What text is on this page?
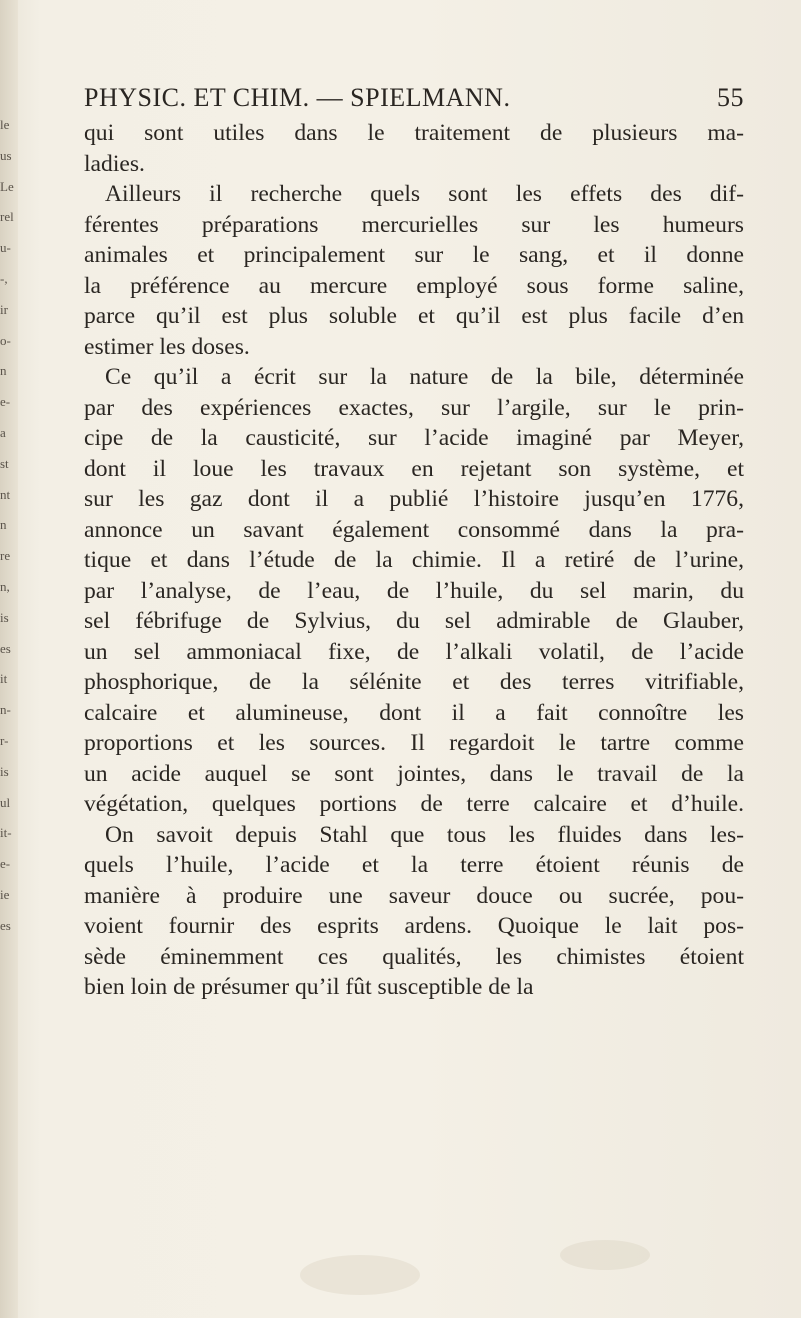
le
us
Le
rel
u-
-,
ir
o-
n
e-
a
st
nt
n
re
n,
is
es
it
n-
r-
is
ul
it-
e-
ie
es
PHYSIC. ET CHIM. — SPIELMANN.	55
qui sont utiles dans le traitement de plusieurs ma-
ladies.
Ailleurs il recherche quels sont les effets des dif-
férentes préparations mercurielles sur les humeurs
animales et principalement sur le sang, et il donne
la préférence au mercure employé sous forme saline,
parce qu’il est plus soluble et qu’il est plus facile d’en
estimer les doses.
Ce qu’il a écrit sur la nature de la bile, déterminée
par des expériences exactes, sur l’argile, sur le prin-
cipe de la causticité, sur l’acide imaginé par Meyer,
dont il loue les travaux en rejetant son système, et
sur les gaz dont il a publié l’histoire jusqu’en 1776,
annonce un savant également consommé dans la pra-
tique et dans l’étude de la chimie. Il a retiré de l’urine,
par l’analyse, de l’eau, de l’huile, du sel marin, du
sel fébrifuge de Sylvius, du sel admirable de Glauber,
un sel ammoniacal fixe, de l’alkali volatil, de l’acide
phosphorique, de la sélénite et des terres vitrifiable,
calcaire et alumineuse, dont il a fait connoître les
proportions et les sources. Il regardoit le tartre comme
un acide auquel se sont jointes, dans le travail de la
végétation, quelques portions de terre calcaire et d’huile.
On savoit depuis Stahl que tous les fluides dans les-
quels l’huile, l’acide et la terre étoient réunis de
manière à produire une saveur douce ou sucrée, pou-
voient fournir des esprits ardens. Quoique le lait pos-
sède éminemment ces qualités, les chimistes étoient
bien loin de présumer qu’il fût susceptible de la
